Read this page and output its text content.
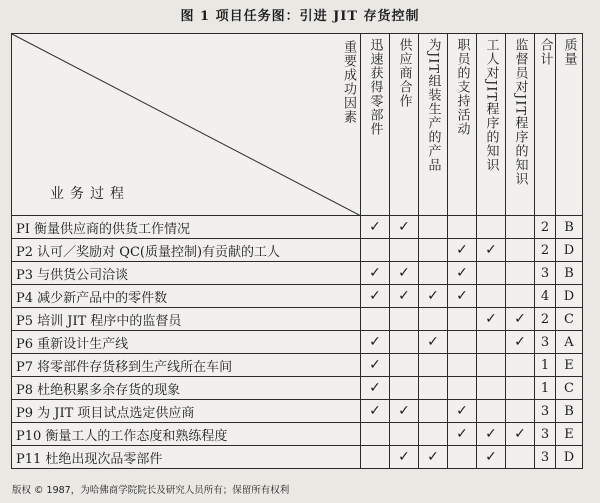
图 1 项目任务图：引进 JIT 存货控制
业务过程
重要成功因素	迅速获得零部件	供应商合作	为JIT组装生产的产品	职员的支持活动	工人对JIT程序的知识	监督员对JIT程序的知识	合计	质量
PI 衡量供应商的供货工作情况	✓	✓					2	B
P2 认可／奖励对 QC(质量控制)有贡献的工人				✓	✓		2	D
P3 与供货公司洽谈	✓	✓		✓			3	B
P4 减少新产品中的零件数	✓	✓	✓	✓			4	D
P5 培训 JIT 程序中的监督员					✓	✓	2	C
P6 重新设计生产线	✓		✓			✓	3	A
P7 将零部件存货移到生产线所在车间	✓						1	E
P8 杜绝积累多余存货的现象	✓						1	C
P9 为 JIT 项目试点选定供应商	✓	✓		✓			3	B
P10 衡量工人的工作态度和熟练程度				✓	✓	✓	3	E
P11 杜绝出现次品零部件		✓	✓		✓		3	D
版权 © 1987，为哈佛商学院院长及研究人员所有；保留所有权利
